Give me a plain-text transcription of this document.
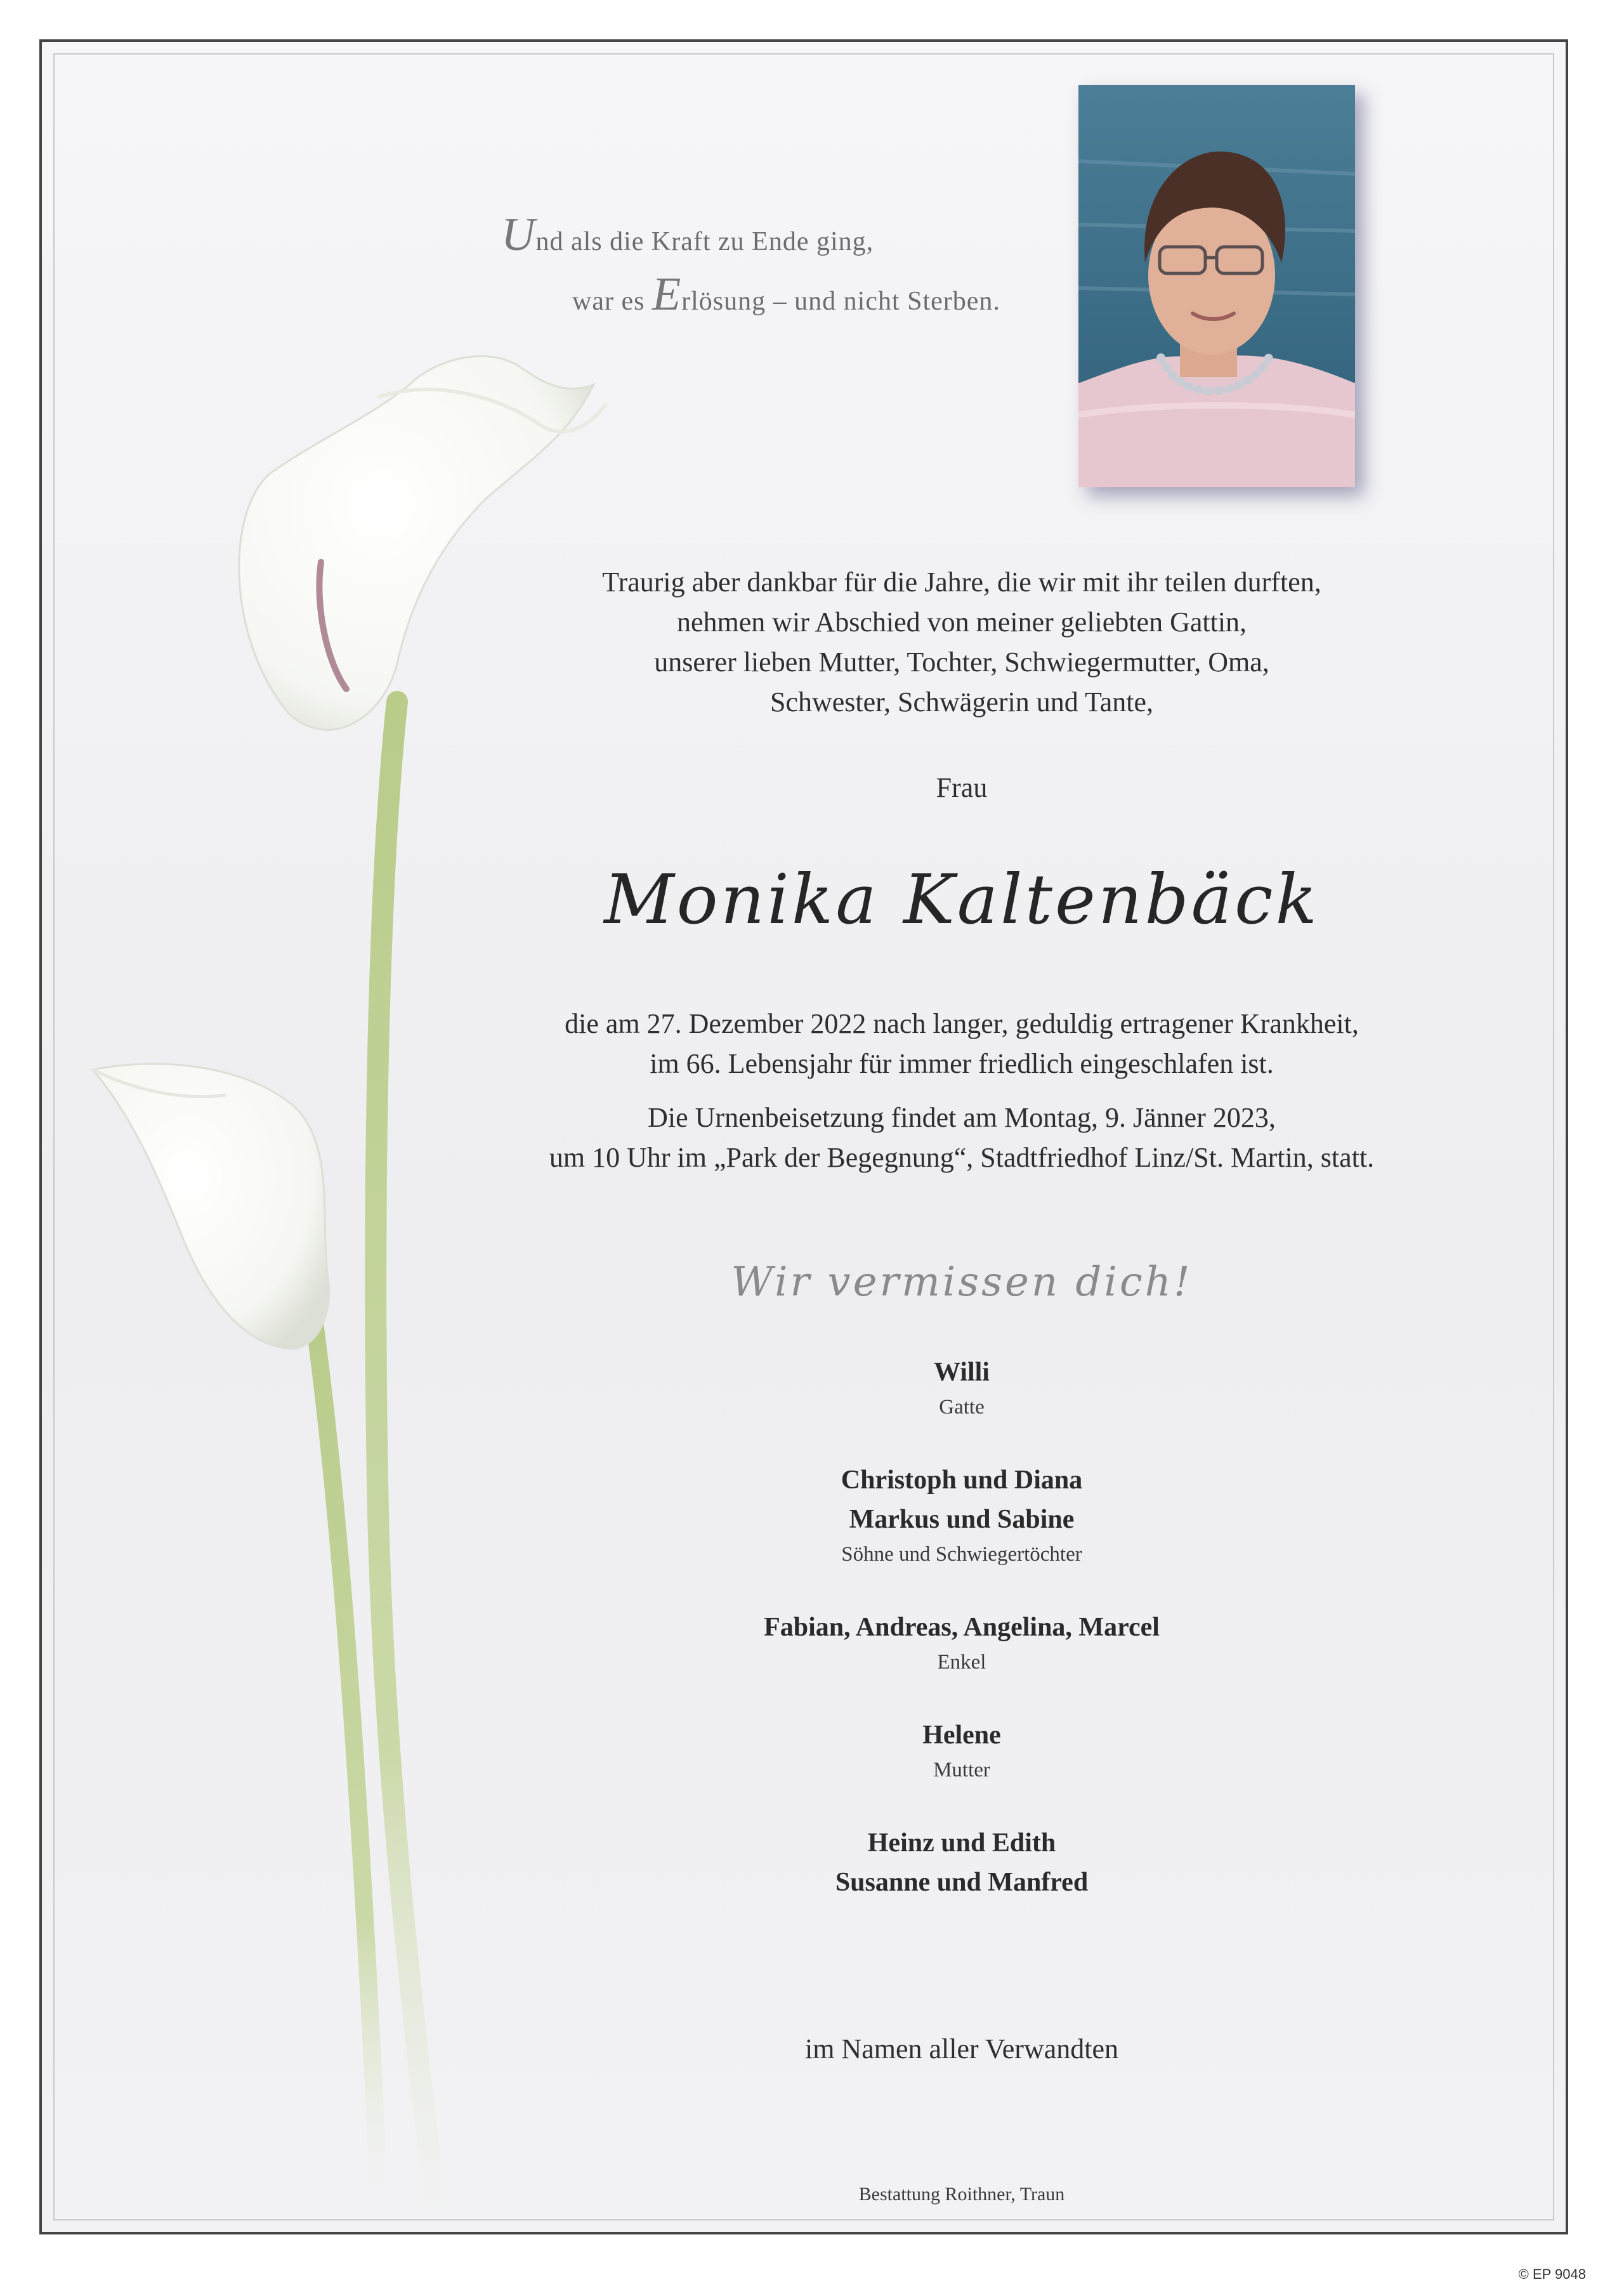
Und als die Kraft zu Ende ging,
war es Erlösung – und nicht Sterben.
Traurig aber dankbar für die Jahre, die wir mit ihr teilen durften,
nehmen wir Abschied von meiner geliebten Gattin,
unserer lieben Mutter, Tochter, Schwiegermutter, Oma,
Schwester, Schwägerin und Tante,
Frau
Monika Kaltenbäck
die am 27. Dezember 2022 nach langer, geduldig ertragener Krankheit,
im 66. Lebensjahr für immer friedlich eingeschlafen ist.
Die Urnenbeisetzung findet am Montag, 9. Jänner 2023,
um 10 Uhr im „Park der Begegnung“, Stadtfriedhof Linz/St. Martin, statt.
Wir vermissen dich!
Willi
Gatte
Christoph und Diana
Markus und Sabine
Söhne und Schwiegertöchter
Fabian, Andreas, Angelina, Marcel
Enkel
Helene
Mutter
Heinz und Edith
Susanne und Manfred
im Namen aller Verwandten
Bestattung Roithner, Traun
© EP 9048
